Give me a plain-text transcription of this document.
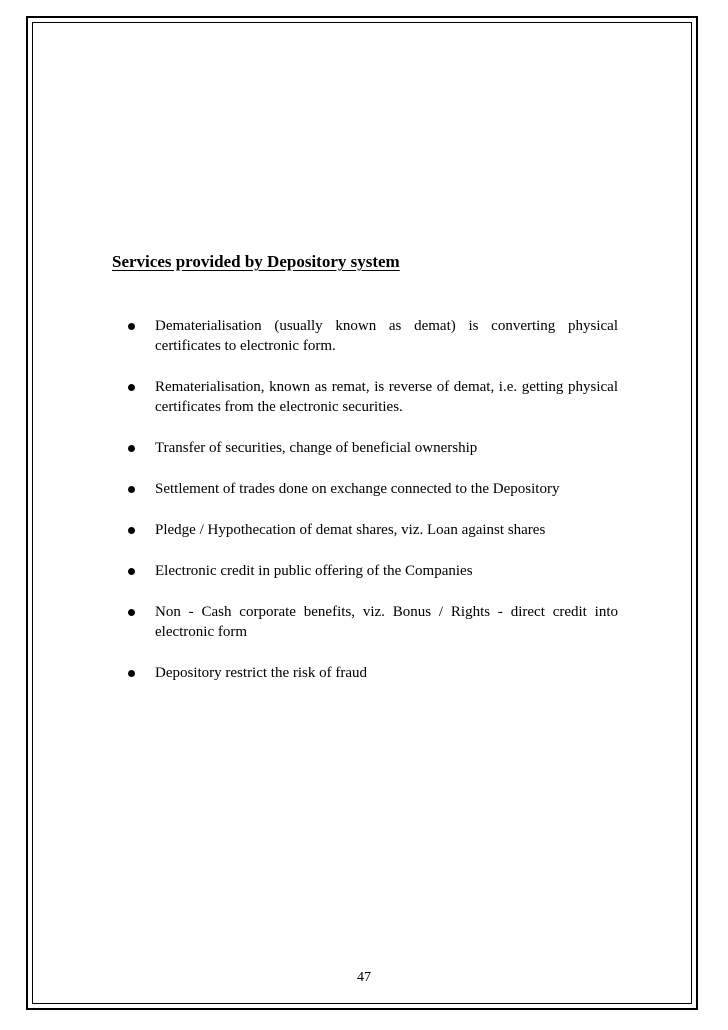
Services provided by Depository system
Dematerialisation (usually known as demat) is converting physical certificates to electronic form.
Rematerialisation, known as remat, is reverse of demat, i.e. getting physical certificates from the electronic securities.
Transfer of securities, change of beneficial ownership
Settlement of trades done on exchange connected to the Depository
Pledge / Hypothecation of demat shares, viz. Loan against shares
Electronic credit in public offering of the Companies
Non - Cash corporate benefits, viz. Bonus / Rights - direct credit into electronic form
Depository restrict the risk of fraud
47
